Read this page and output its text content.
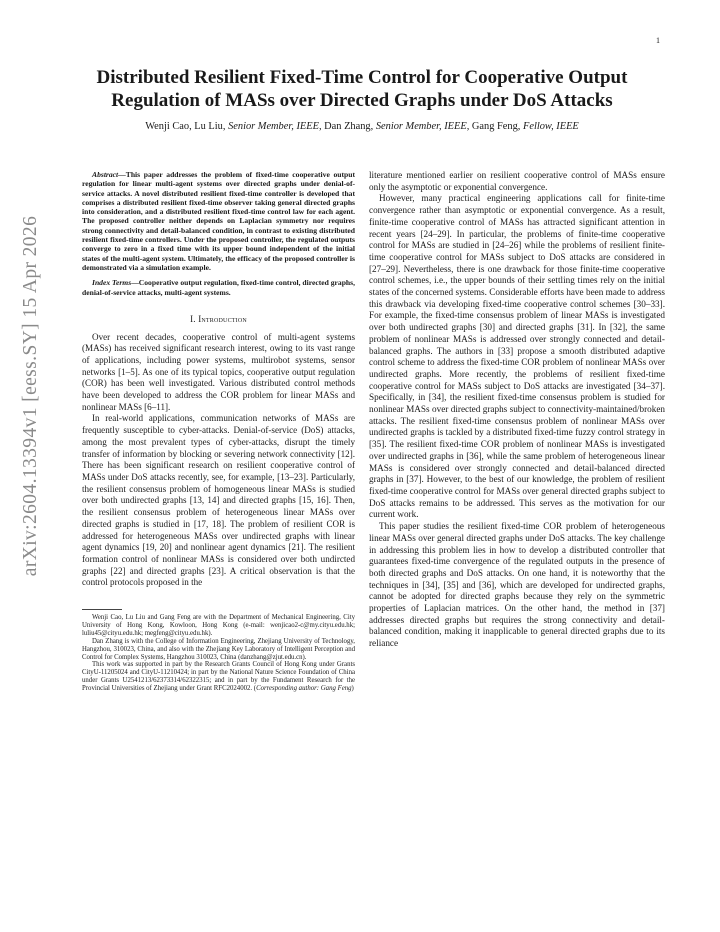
1
arXiv:2604.13394v1 [eess.SY] 15 Apr 2026
Distributed Resilient Fixed-Time Control for Cooperative Output Regulation of MASs over Directed Graphs under DoS Attacks
Wenji Cao, Lu Liu, Senior Member, IEEE, Dan Zhang, Senior Member, IEEE, Gang Feng, Fellow, IEEE

Abstract—This paper addresses the problem of fixed-time cooperative output regulation for linear multi-agent systems over directed graphs under denial-of-service attacks. A novel distributed resilient fixed-time controller is developed that comprises a distributed resilient fixed-time observer taking general directed graphs into consideration, and a distributed resilient fixed-time control law for each agent. The proposed controller neither depends on Laplacian symmetry nor requires strong connectivity and detail-balanced condition, in contrast to existing distributed resilient fixed-time controllers. Under the proposed controller, the regulated outputs converge to zero in a fixed time with its upper bound independent of the initial states of the multi-agent system. Ultimately, the efficacy of the proposed controller is demonstrated via a simulation example.

Index Terms—Cooperative output regulation, fixed-time control, directed graphs, denial-of-service attacks, multi-agent systems.

I. Introduction

Over recent decades, cooperative control of multi-agent systems (MASs) has received significant research interest, owing to its vast range of applications, including power systems, multirobot systems, sensor networks [1–5]. As one of its typical topics, cooperative output regulation (COR) has been well investigated. Various distributed control methods have been developed to address the COR problem for linear MASs and nonlinear MASs [6–11].

In real-world applications, communication networks of MASs are frequently susceptible to cyber-attacks. Denial-of-service (DoS) attacks, among the most prevalent types of cyber-attacks, disrupt the timely transfer of information by blocking or severing network connectivity [12]. There has been significant research on resilient cooperative control of MASs under DoS attacks recently, see, for example, [13–23]. Particularly, the resilient consensus problem of homogeneous linear MASs is studied over both undirected graphs [13, 14] and directed graphs [15, 16]. Then, the resilient consensus problem of heterogeneous linear MASs over directed graphs is studied in [17, 18]. The problem of resilient COR is addressed for heterogeneous MASs over undirected graphs with linear agent dynamics [19, 20] and nonlinear agent dynamics [21]. The resilient formation control of nonlinear MASs is considered over both undircted graphs [22] and directed graphs [23]. A critical observation is that the control protocols proposed in the

Wenji Cao, Lu Liu and Gang Feng are with the Department of Mechanical Engineering, City University of Hong Kong, Kowloon, Hong Kong (e-mail: wenjicao2-c@my.cityu.edu.hk; luliu45@cityu.edu.hk; megfeng@cityu.edu.hk).

Dan Zhang is with the College of Information Engineering, Zhejiang University of Technology, Hangzhou, 310023, China, and also with the Zhejiang Key Laboratory of Intelligent Perception and Control for Complex Systems, Hangzhou 310023, China (danzhang@zjut.edu.cn).

This work was supported in part by the Research Grants Council of Hong Kong under Grants CityU-11205024 and CityU-11210424; in part by the National Nature Science Foundation of China under Grants U2541213/62373314/62322315; and in part by the Fundament Research for the Provincial Universities of Zhejiang under Grant RFC2024002. (Corresponding author: Gang Feng)

literature mentioned earlier on resilient cooperative control of MASs ensure only the asymptotic or exponential convergence.

However, many practical engineering applications call for finite-time convergence rather than asymptotic or exponential convergence. As a result, finite-time cooperative control of MASs has attracted significant attention in recent years [24–29]. In particular, the problems of finite-time cooperative control for MASs are studied in [24–26] while the problems of resilient finite-time cooperative control for MASs subject to DoS attacks are considered in [27–29]. Nevertheless, there is one drawback for those finite-time cooperative control schemes, i.e., the upper bounds of their settling times rely on the initial states of the concerned systems. Considerable efforts have been made to address this drawback via developing fixed-time cooperative control schemes [30–33]. For example, the fixed-time consensus problem of linear MASs is investigated over both undirected graphs [30] and directed graphs [31]. In [32], the same problem of nonlinear MASs is addressed over strongly connected and detail-balanced graphs. The authors in [33] propose a smooth distributed adaptive control scheme to address the fixed-time COR problem of nonlinear MASs over undirected graphs. More recently, the problems of resilient fixed-time cooperative control for MASs subject to DoS attacks are investigated [34–37]. Specifically, in [34], the resilient fixed-time consensus problem is studied for nonlinear MASs over directed graphs subject to connectivity-maintained/broken attacks. The resilient fixed-time consensus problem of nonlinear MASs over undirected graphs is tackled by a distributed fixed-time fuzzy control strategy in [35]. The resilient fixed-time COR problem of nonlinear MASs is investigated over undirected graphs in [36], while the same problem of heterogeneous linear MASs is considered over strongly connected and detail-balanced directed graphs in [37]. However, to the best of our knowledge, the problem of resilient fixed-time cooperative control for MASs over general directed graphs subject to DoS attacks remains to be addressed. This serves as the motivation for our current work.

This paper studies the resilient fixed-time COR problem of heterogeneous linear MASs over general directed graphs under DoS attacks. The key challenge in addressing this problem lies in how to develop a distributed controller that guarantees fixed-time convergence of the regulated outputs in the presence of both directed graphs and DoS attacks. On one hand, it is noteworthy that the techniques in [34], [35] and [36], which are developed for undirected graphs, cannot be adopted for directed graphs because they rely on the symmetric properties of Laplacian matrices. On the other hand, the method in [37] addresses directed graphs but requires the strong connectivity and detail-balanced condition, making it inapplicable to general directed graphs due to its reliance
